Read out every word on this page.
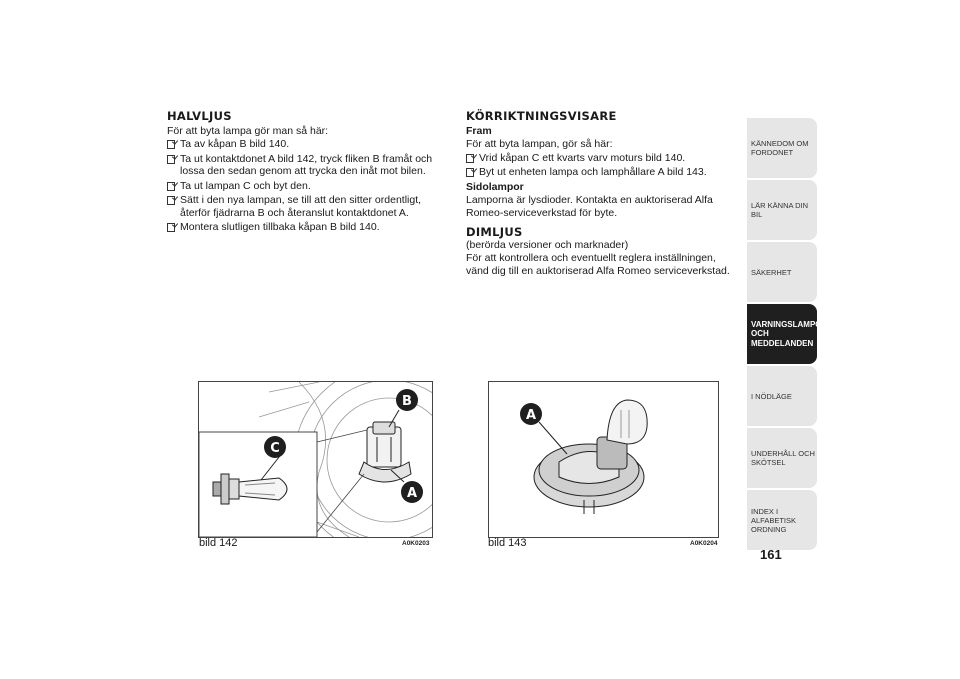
HALVLJUS
För att byta lampa gör man så här:
Ta av kåpan B bild 140.
Ta ut kontaktdonet A bild 142, tryck fliken B framåt och lossa den sedan genom att trycka den inåt mot bilen.
Ta ut lampan C och byt den.
Sätt i den nya lampan, se till att den sitter ordentligt, återför fjädrarna B och återanslut kontaktdonet A.
Montera slutligen tillbaka kåpan B bild 140.
KÖRRIKTNINGSVISARE
Fram
För att byta lampan, gör så här:
Vrid kåpan C ett kvarts varv moturs bild 140.
Byt ut enheten lampa och lamphållare A bild 143.
Sidolampor
Lamporna är lysdioder. Kontakta en auktoriserad Alfa Romeo-serviceverkstad för byte.
DIMLJUS
(berörda versioner och marknader)
För att kontrollera och eventuellt reglera inställningen, vänd dig till en auktoriserad Alfa Romeo serviceverkstad.
B
C
A
bild 142	A0K0203
A
bild 143	A0K0204
KÄNNEDOM OM FORDONET
LÄR KÄNNA DIN BIL
SÄKERHET
VARNINGSLAMPOR OCH MEDDELANDEN
I NÖDLÄGE
UNDERHÅLL OCH SKÖTSEL
INDEX I ALFABETISK ORDNING
161
